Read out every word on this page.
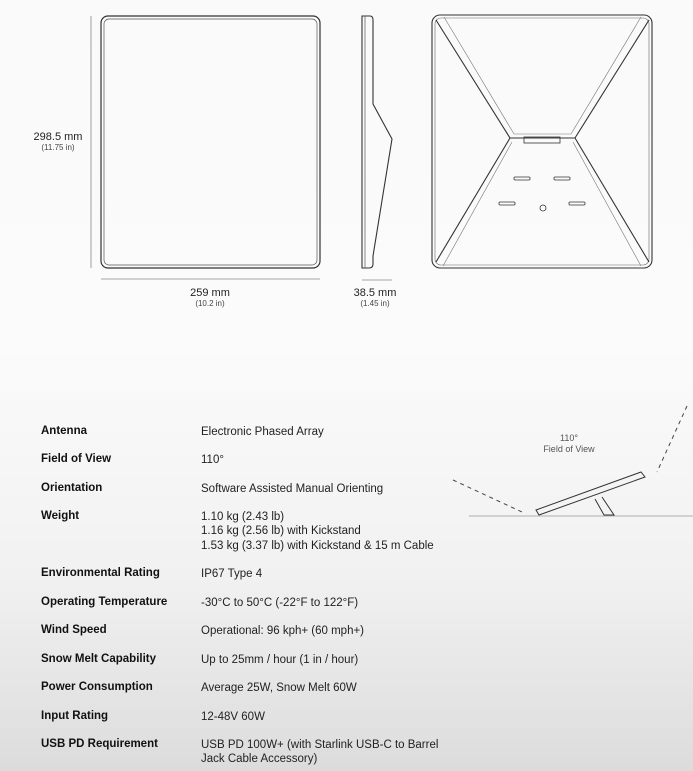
298.5 mm
(11.75 in)
259 mm
(10.2 in)
38.5 mm
(1.45 in)
110°
Field of View
Antenna	Electronic Phased Array
Field of View	110°
Orientation	Software Assisted Manual Orienting
Weight	1.10 kg (2.43 lb)
1.16 kg (2.56 lb) with Kickstand
1.53 kg (3.37 lb) with Kickstand & 15 m Cable
Environmental Rating	IP67 Type 4
Operating Temperature	-30°C to 50°C (-22°F to 122°F)
Wind Speed	Operational: 96 kph+ (60 mph+)
Snow Melt Capability	Up to 25mm / hour (1 in / hour)
Power Consumption	Average 25W, Snow Melt 60W
Input Rating	12-48V 60W
USB PD Requirement	USB PD 100W+ (with Starlink USB-C to Barrel
Jack Cable Accessory)
